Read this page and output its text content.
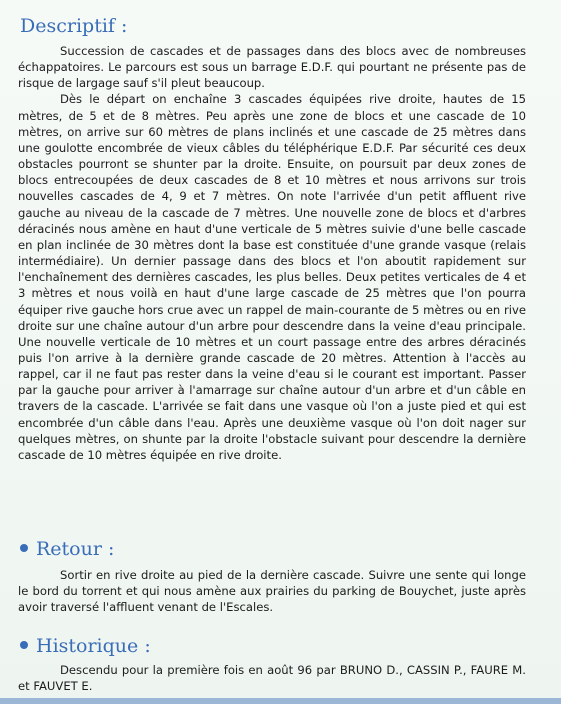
Descriptif :

Succession de cascades et de passages dans des blocs avec de nombreuses échappatoires. Le parcours est sous un barrage E.D.F. qui pourtant ne présente pas de risque de largage sauf s'il pleut beaucoup.

Dès le départ on enchaîne 3 cascades équipées rive droite, hautes de 15 mètres, de 5 et de 8 mètres. Peu après une zone de blocs et une cascade de 10 mètres, on arrive sur 60 mètres de plans inclinés et une cascade de 25 mètres dans une goulotte encombrée de vieux câbles du téléphérique E.D.F. Par sécurité ces deux obstacles pourront se shunter par la droite. Ensuite, on poursuit par deux zones de blocs entrecoupées de deux cascades de 8 et 10 mètres et nous arrivons sur trois nouvelles cascades de 4, 9 et 7 mètres. On note l'arrivée d'un petit affluent rive gauche au niveau de la cascade de 7 mètres. Une nouvelle zone de blocs et d'arbres déracinés nous amène en haut d'une verticale de 5 mètres suivie d'une belle cascade en plan inclinée de 30 mètres dont la base est constituée d'une grande vasque (relais intermédiaire). Un dernier passage dans des blocs et l'on aboutit rapidement sur l'enchaînement des dernières cascades, les plus belles. Deux petites verticales de 4 et 3 mètres et nous voilà en haut d'une large cascade de 25 mètres que l'on pourra équiper rive gauche hors crue avec un rappel de main-courante de 5 mètres ou en rive droite sur une chaîne autour d'un arbre pour descendre dans la veine d'eau principale. Une nouvelle verticale de 10 mètres et un court passage entre des arbres déracinés puis l'on arrive à la dernière grande cascade de 20 mètres. Attention à l'accès au rappel, car il ne faut pas rester dans la veine d'eau si le courant est important. Passer par la gauche pour arriver à l'amarrage sur chaîne autour d'un arbre et d'un câble en travers de la cascade. L'arrivée se fait dans une vasque où l'on a juste pied et qui est encombrée d'un câble dans l'eau. Après une deuxième vasque où l'on doit nager sur quelques mètres, on shunte par la droite l'obstacle suivant pour descendre la dernière cascade de 10 mètres équipée en rive droite.

Retour :

Sortir en rive droite au pied de la dernière cascade. Suivre une sente qui longe le bord du torrent et qui nous amène aux prairies du parking de Bouychet, juste après avoir traversé l'affluent venant de l'Escales.

Historique :

Descendu pour la première fois en août 96 par BRUNO D., CASSIN P., FAURE M. et FAUVET E.
